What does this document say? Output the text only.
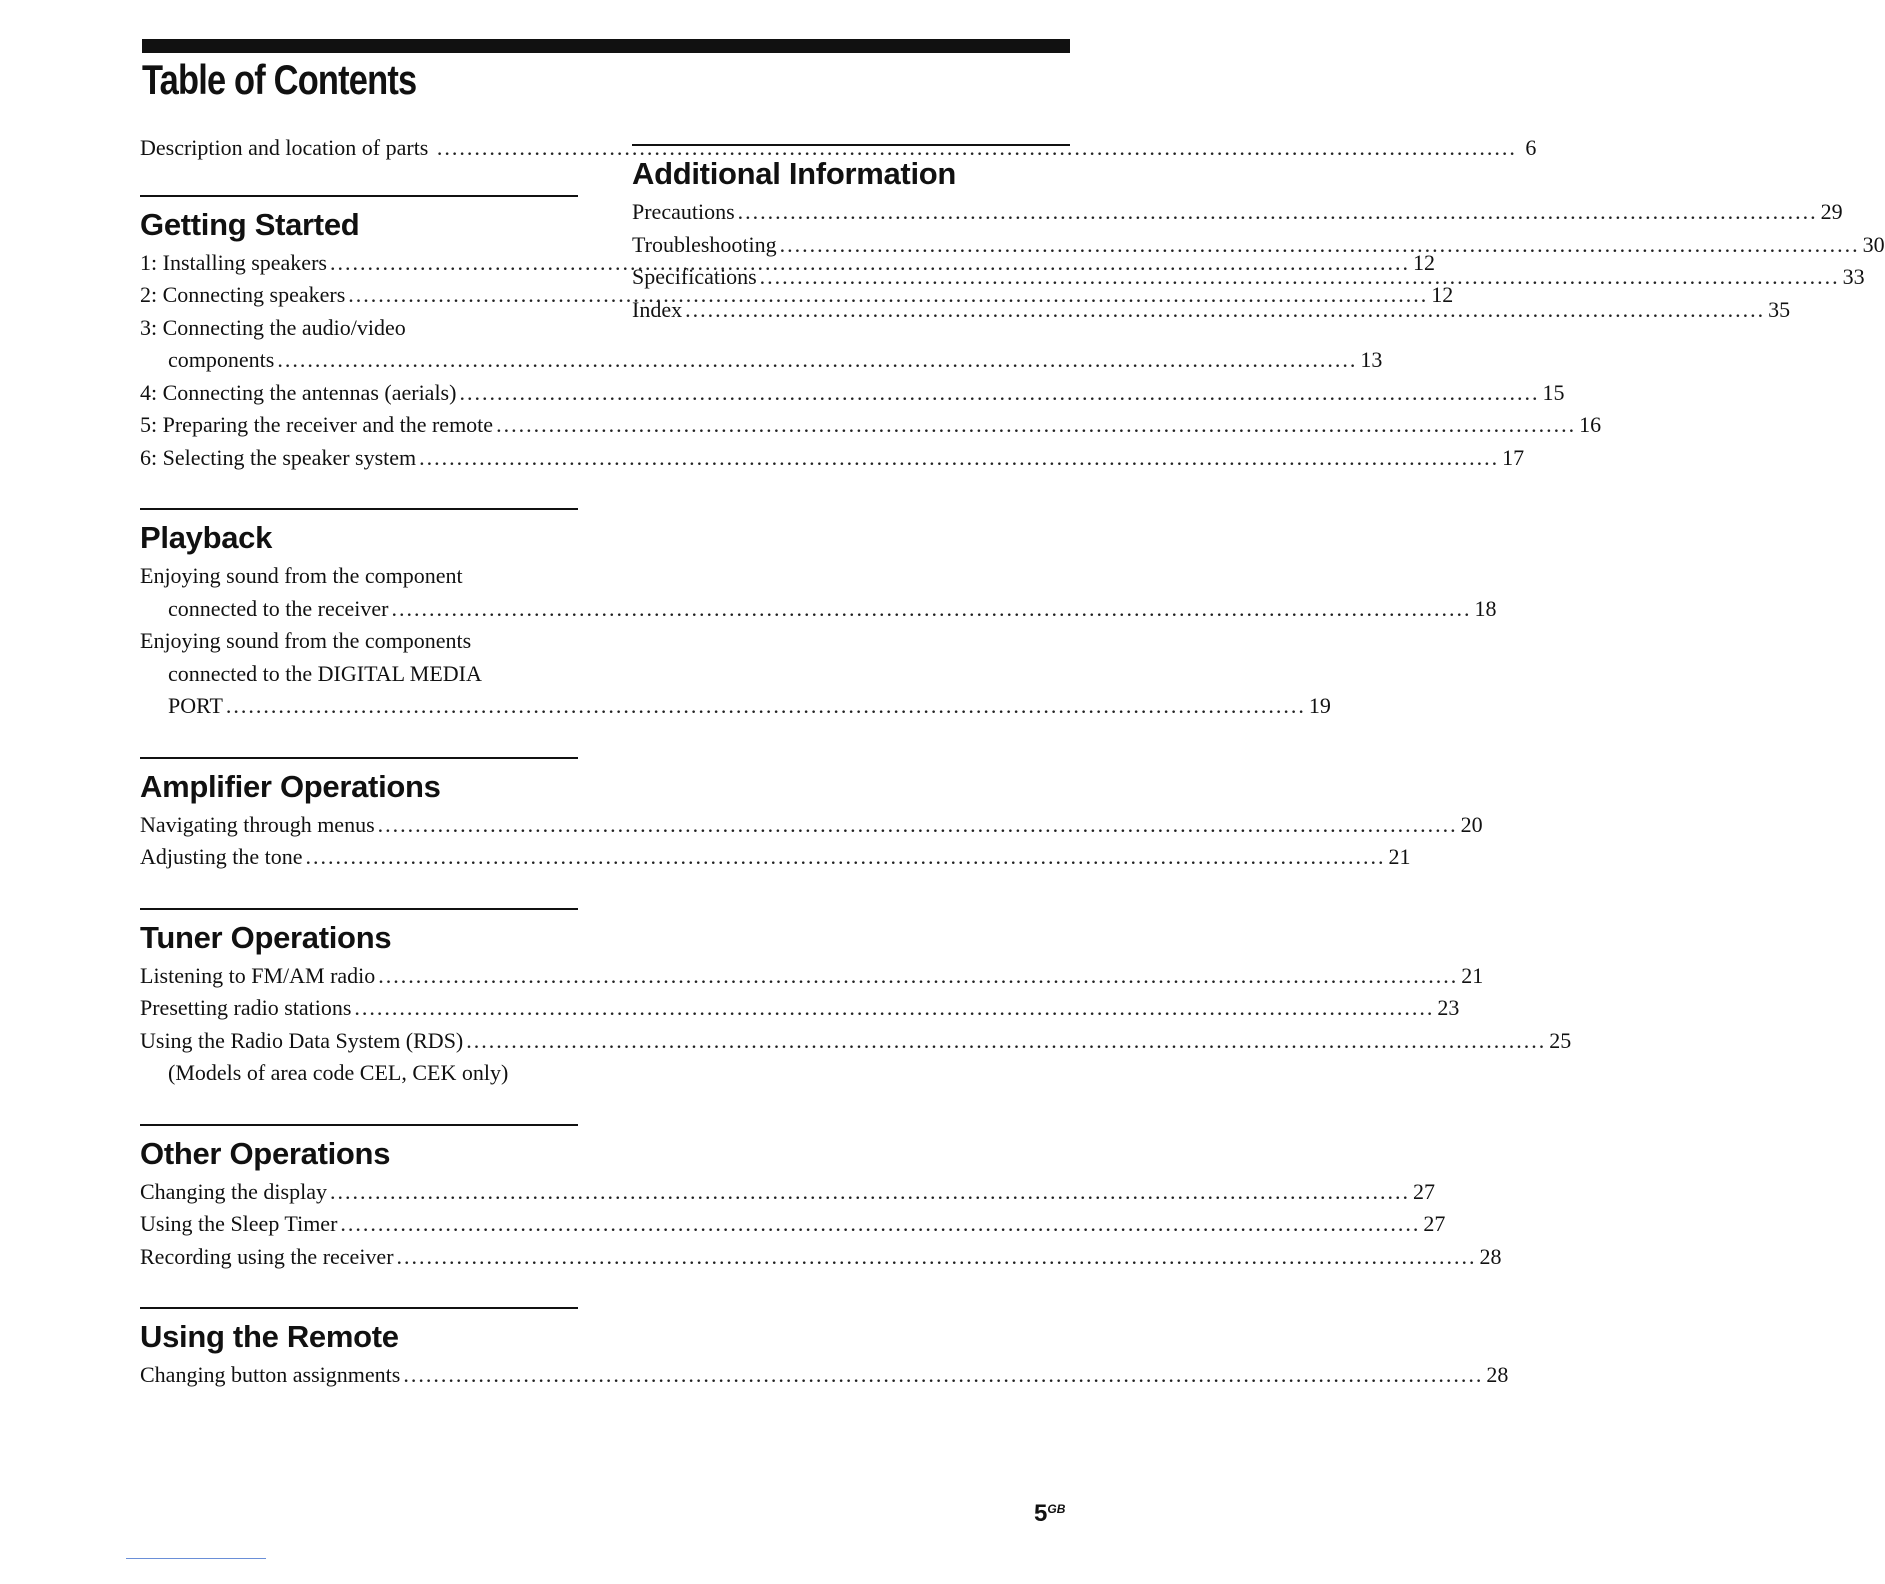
Table of Contents
Description and location of parts .....	6
Getting Started
1: Installing speakers .....	12
2: Connecting speakers .....	12
3: Connecting the audio/video
components .....	13
4: Connecting the antennas (aerials) .....	15
5: Preparing the receiver and the remote .....	16
6: Selecting the speaker system .....	17
Playback
Enjoying sound from the component
connected to the receiver .....	18
Enjoying sound from the components
connected to the DIGITAL MEDIA
PORT .....	19
Amplifier Operations
Navigating through menus .....	20
Adjusting the tone .....	21
Tuner Operations
Listening to FM/AM radio .....	21
Presetting radio stations .....	23
Using the Radio Data System (RDS) .....	25
(Models of area code CEL, CEK only)
Other Operations
Changing the display .....	27
Using the Sleep Timer .....	27
Recording using the receiver .....	28
Using the Remote
Changing button assignments .....	28
Additional Information
Precautions .....	29
Troubleshooting .....	30
Specifications .....	33
Index .....	35
$5^{GB}$
